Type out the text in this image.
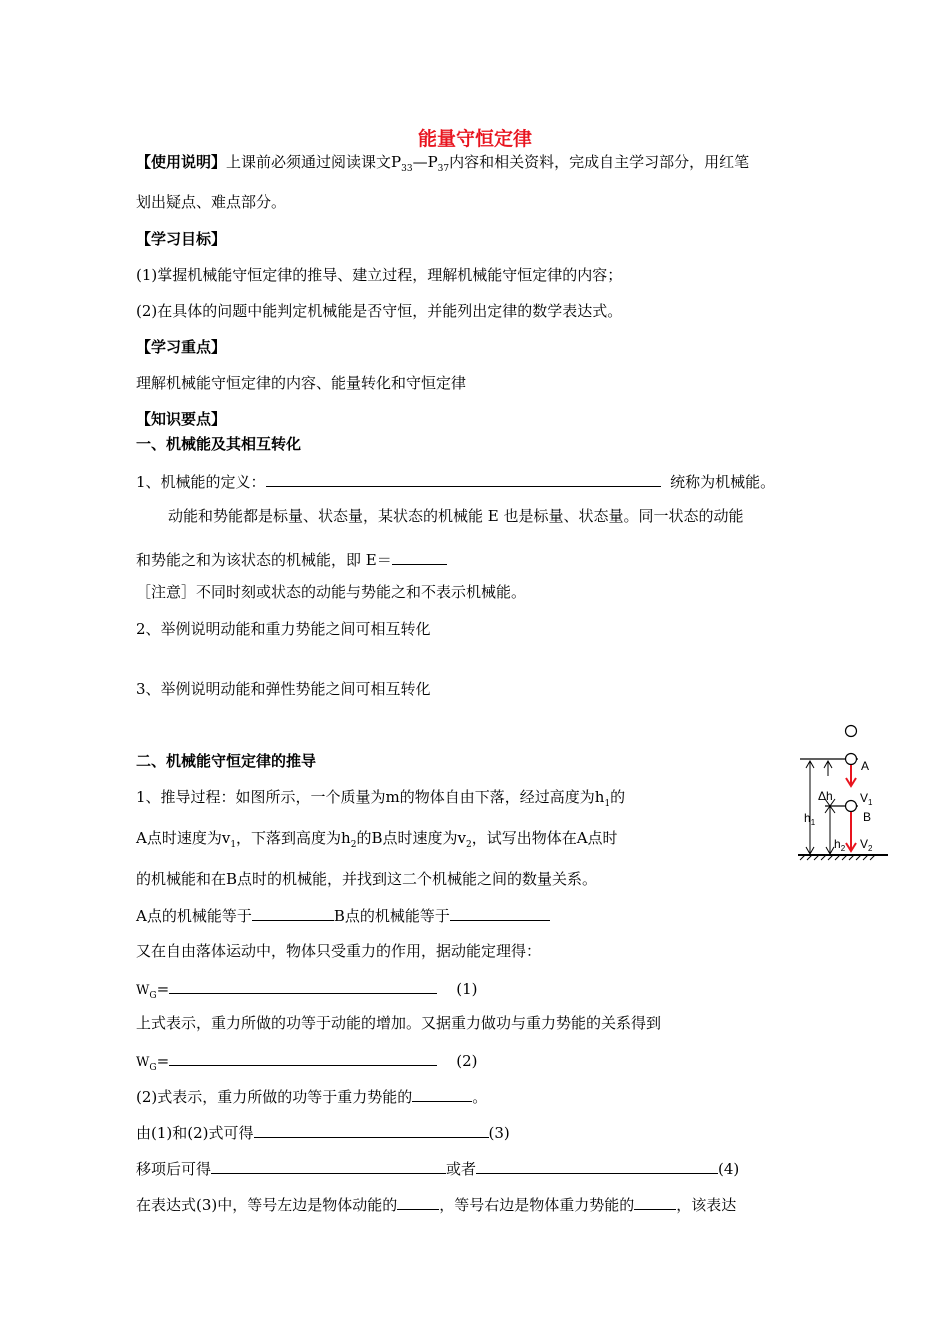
能量守恒定律
【使用说明】上课前必须通过阅读课文$P_{33}—P_{37}$内容和相关资料，完成自主学习部分，用红笔
划出疑点、难点部分。
【学习目标】
(1)掌握机械能守恒定律的推导、建立过程，理解机械能守恒定律的内容；
(2)在具体的问题中能判定机械能是否守恒，并能列出定律的数学表达式。
【学习重点】
理解机械能守恒定律的内容、能量转化和守恒定律
【知识要点】
一、机械能及其相互转化
1、机械能的定义：	统称为机械能。
动能和势能都是标量、状态量，某状态的机械能 E 也是标量、状态量。同一状态的动能
和势能之和为该状态的机械能，即 E＝
［注意］不同时刻或状态的动能与势能之和不表示机械能。
2、举例说明动能和重力势能之间可相互转化
3、举例说明动能和弹性势能之间可相互转化
二、机械能守恒定律的推导
1、推导过程：如图所示，一个质量为m的物体自由下落，经过高度为$h_1$的
A点时速度为$v_1$，下落到高度为$h_2$的B点时速度为$v_2$，试写出物体在A点时
的机械能和在B点时的机械能，并找到这二个机械能之间的数量关系。
A点的机械能等于	B点的机械能等于
又在自由落体运动中，物体只受重力的作用，据动能定理得：
$W_G=$	(1)
上式表示，重力所做的功等于动能的增加。又据重力做功与重力势能的关系得到
$W_G=$	(2)
(2)式表示，重力所做的功等于重力势能的	。
由(1)和(2)式可得	(3)
移项后可得	或者	(4)
在表达式(3)中，等号左边是物体动能的	，等号右边是物体重力势能的	，该表达
A
$V_1$
B
$V_2$
$h_1$
$h_2$
Δh
